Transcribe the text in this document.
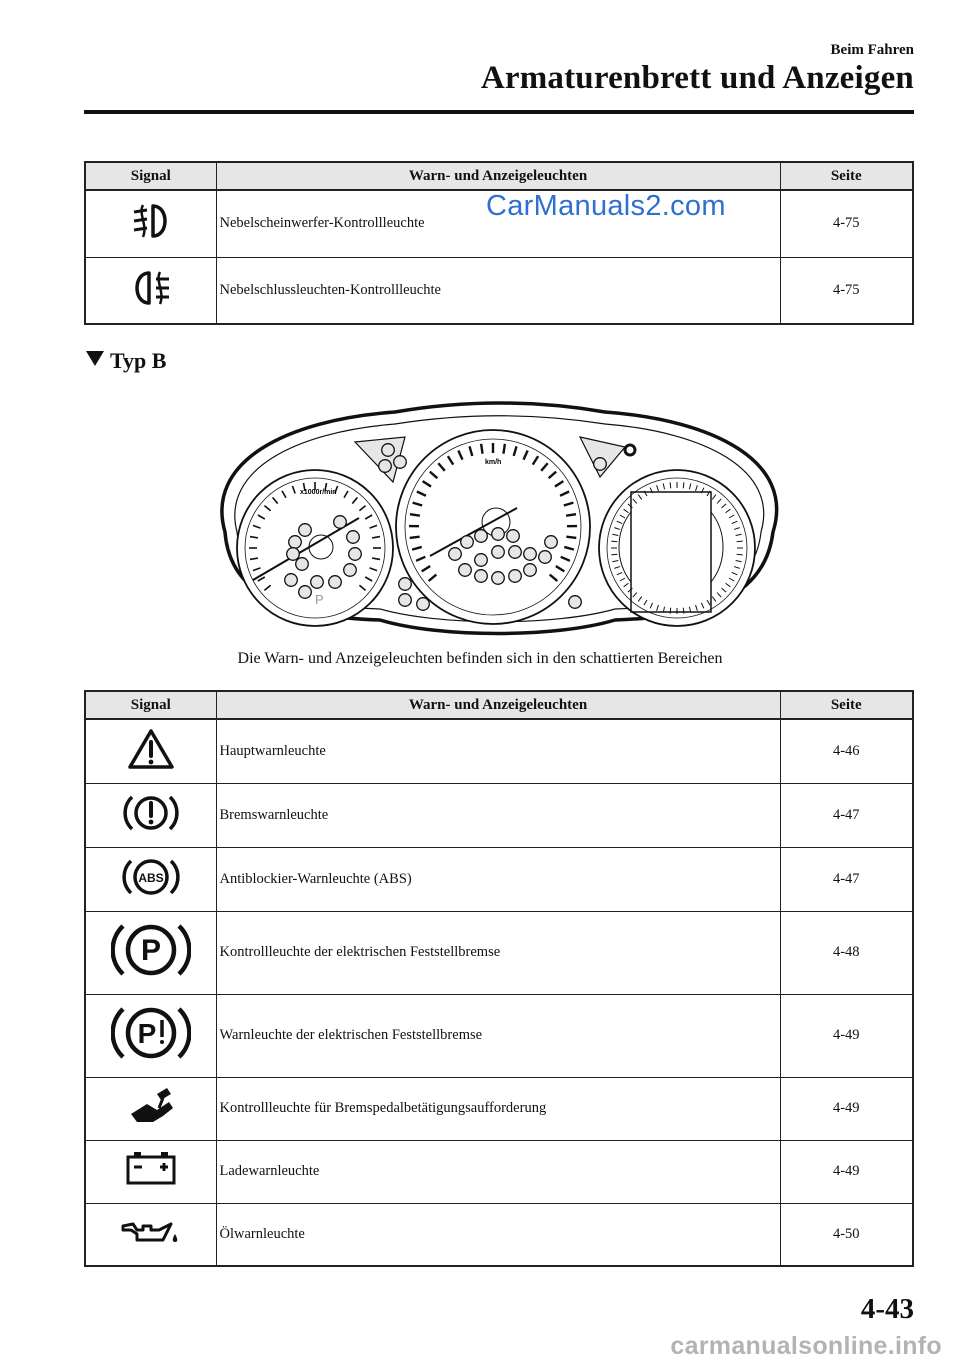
Beim Fahren
Armaturenbrett und Anzeigen
Signal	Warn- und Anzeigeleuchten	Seite
	Nebelscheinwerfer-Kontrollleuchte	4-75
	Nebelschlussleuchten-Kontrollleuchte	4-75
CarManuals2.com
Typ B
x1000r/min
km/h
P
Die Warn- und Anzeigeleuchten befinden sich in den schattierten Bereichen
Signal	Warn- und Anzeigeleuchten	Seite
	Hauptwarnleuchte	4-46
	Bremswarnleuchte	4-47

ABS	Antiblockier-Warnleuchte (ABS)	4-47

P	Kontrollleuchte der elektrischen Feststellbremse	4-48

P	Warnleuchte der elektrischen Feststellbremse	4-49
	Kontrollleuchte für Bremspedalbetätigungsaufforderung	4-49
	Ladewarnleuchte	4-49
	Ölwarnleuchte	4-50
4-43
carmanualsonline.info
